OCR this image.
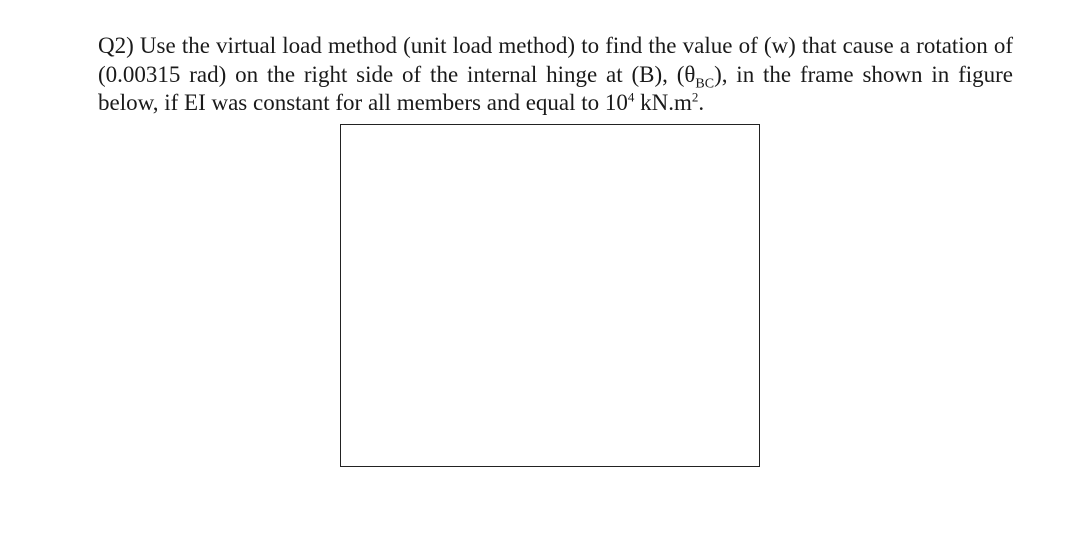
Q2) Use the virtual load method (unit load method) to find the value of (w) that cause a rotation of (0.00315 rad) on the right side of the internal hinge at (B), $(\theta_{BC})$, in the frame shown in figure below, if EI was constant for all members and equal to $10^4$ $kN.m^2$.
